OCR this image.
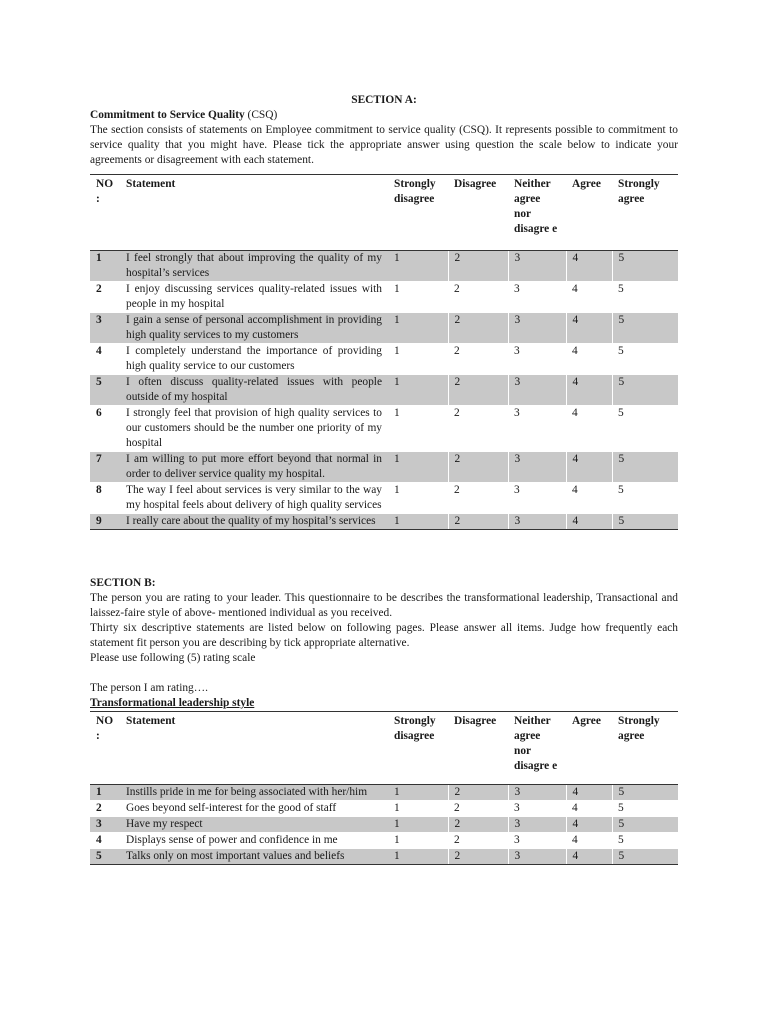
SECTION A:
Commitment to Service Quality (CSQ)

The section consists of statements on Employee commitment to service quality (CSQ). It represents possible to commitment to service quality that you might have. Please tick the appropriate answer using question the scale below to indicate your agreements or disagreement with each statement.

NO :	Statement	Strongly disagree	Disagree	Neither agree nor disagre e	Agree	Strongly agree
1	I feel strongly that about improving the quality of my hospital’s services	1	2	3	4	5
2	I enjoy discussing services quality-related issues with people in my hospital	1	2	3	4	5
3	I gain a sense of personal accomplishment in providing high quality services to my customers	1	2	3	4	5
4	I completely understand the importance of providing high quality service to our customers	1	2	3	4	5
5	I often discuss quality-related issues with people outside of my hospital	1	2	3	4	5
6	I strongly feel that provision of high quality services to our customers should be the number one priority of my hospital	1	2	3	4	5
7	I am willing to put more effort beyond that normal in order to deliver service quality my hospital.	1	2	3	4	5
8	The way I feel about services is very similar to the way my hospital feels about delivery of high quality services	1	2	3	4	5
9	I really care about the quality of my hospital’s services	1	2	3	4	5
SECTION B:

The person you are rating to your leader. This questionnaire to be describes the transformational leadership, Transactional and laissez-faire style of above- mentioned individual as you received.

Thirty six descriptive statements are listed below on following pages. Please answer all items. Judge how frequently each statement fit person you are describing by tick appropriate alternative.

Please use following (5) rating scale

The person I am rating….
Transformational leadership style
NO :	Statement	Strongly disagree	Disagree	Neither agree nor disagre e	Agree	Strongly agree
1	Instills pride in me for being associated with her/him	1	2	3	4	5
2	Goes beyond self-interest for the good of staff	1	2	3	4	5
3	Have my respect	1	2	3	4	5
4	Displays sense of power and confidence in me	1	2	3	4	5
5	Talks only on most important values and beliefs	1	2	3	4	5
